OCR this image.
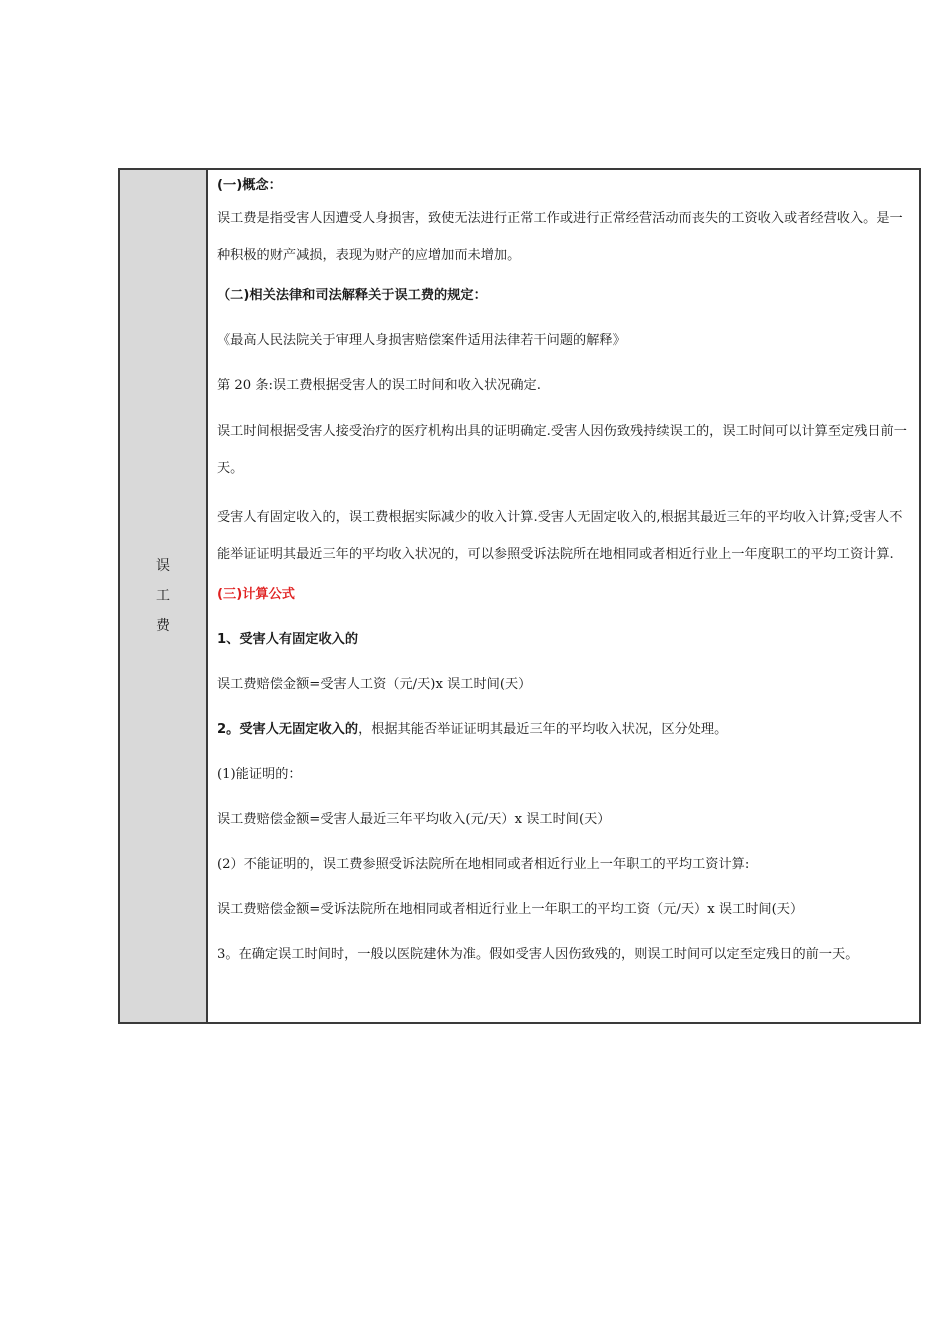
误 工 费

(一)概念：

误工费是指受害人因遭受人身损害，致使无法进行正常工作或进行正常经营活动而丧失的工资收入或者经营收入。是一种积极的财产减损，表现为财产的应增加而未增加。

（二)相关法律和司法解释关于误工费的规定：

《最高人民法院关于审理人身损害赔偿案件适用法律若干问题的解释》

第 20 条:误工费根据受害人的误工时间和收入状况确定.

误工时间根据受害人接受治疗的医疗机构出具的证明确定.受害人因伤致残持续误工的，误工时间可以计算至定残日前一天。

受害人有固定收入的，误工费根据实际减少的收入计算.受害人无固定收入的,根据其最近三年的平均收入计算;受害人不能举证证明其最近三年的平均收入状况的，可以参照受诉法院所在地相同或者相近行业上一年度职工的平均工资计算.

(三)计算公式

1、受害人有固定收入的

误工费赔偿金额=受害人工资（元/天)x 误工时间(天）

2。受害人无固定收入的，根据其能否举证证明其最近三年的平均收入状况，区分处理。

(1)能证明的：

误工费赔偿金额=受害人最近三年平均收入(元/天）x 误工时间(天）

(2）不能证明的，误工费参照受诉法院所在地相同或者相近行业上一年职工的平均工资计算:

误工费赔偿金额=受诉法院所在地相同或者相近行业上一年职工的平均工资（元/天）x 误工时间(天）

3。在确定误工时间时，一般以医院建休为准。假如受害人因伤致残的，则误工时间可以定至定残日的前一天。
